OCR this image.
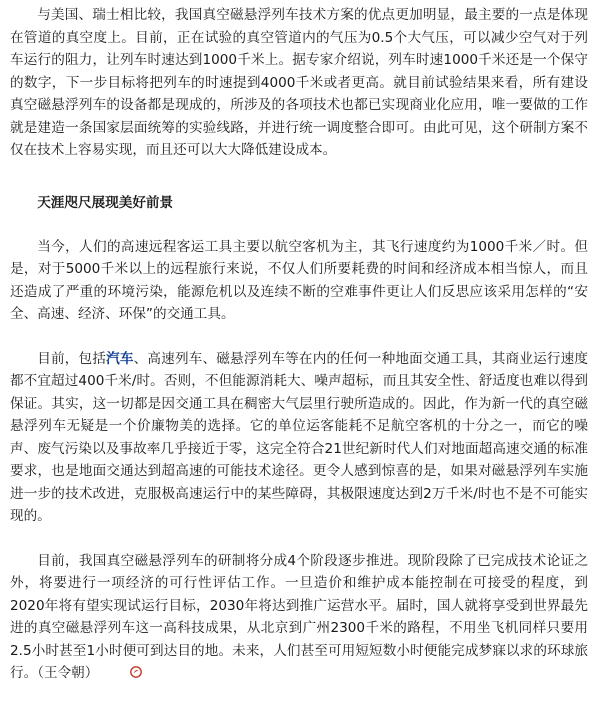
与美国、瑞士相比较，我国真空磁悬浮列车技术方案的优点更加明显，最主要的一点是体现在管道的真空度上。目前，正在试验的真空管道内的气压为0.5个大气压，可以减少空气对于列车运行的阻力，让列车时速达到1000千米上。据专家介绍说，列车时速1000千米还是一个保守的数字，下一步目标将把列车的时速提到4000千米或者更高。就目前试验结果来看，所有建设真空磁悬浮列车的设备都是现成的，所涉及的各项技术也都已实现商业化应用，唯一要做的工作就是建造一条国家层面统筹的实验线路，并进行统一调度整合即可。由此可见，这个研制方案不仅在技术上容易实现，而且还可以大大降低建设成本。

天涯咫尺展现美好前景

当今，人们的高速远程客运工具主要以航空客机为主，其飞行速度约为1000千米／时。但是，对于5000千米以上的远程旅行来说，不仅人们所要耗费的时间和经济成本相当惊人，而且还造成了严重的环境污染，能源危机以及连续不断的空难事件更让人们反思应该采用怎样的“安全、高速、经济、环保”的交通工具。

目前，包括汽车、高速列车、磁悬浮列车等在内的任何一种地面交通工具，其商业运行速度都不宜超过400千米/时。否则，不但能源消耗大、噪声超标，而且其安全性、舒适度也难以得到保证。其实，这一切都是因交通工具在稠密大气层里行驶所造成的。因此，作为新一代的真空磁悬浮列车无疑是一个价廉物美的选择。它的单位运客能耗不足航空客机的十分之一，而它的噪声、废气污染以及事故率几乎接近于零，这完全符合21世纪新时代人们对地面超高速交通的标准要求，也是地面交通达到超高速的可能技术途径。更令人感到惊喜的是，如果对磁悬浮列车实施进一步的技术改进，克服极高速运行中的某些障碍，其极限速度达到2万千米/时也不是不可能实现的。

目前，我国真空磁悬浮列车的研制将分成4个阶段逐步推进。现阶段除了已完成技术论证之外，将要进行一项经济的可行性评估工作。一旦造价和维护成本能控制在可接受的程度，到2020年将有望实现试运行目标，2030年将达到推广运营水平。届时，国人就将享受到世界最先进的真空磁悬浮列车这一高科技成果，从北京到广州2300千米的路程，不用坐飞机同样只要用2.5小时甚至1小时便可到达目的地。未来，人们甚至可用短短数小时便能完成梦寐以求的环球旅行。（王令朝）
